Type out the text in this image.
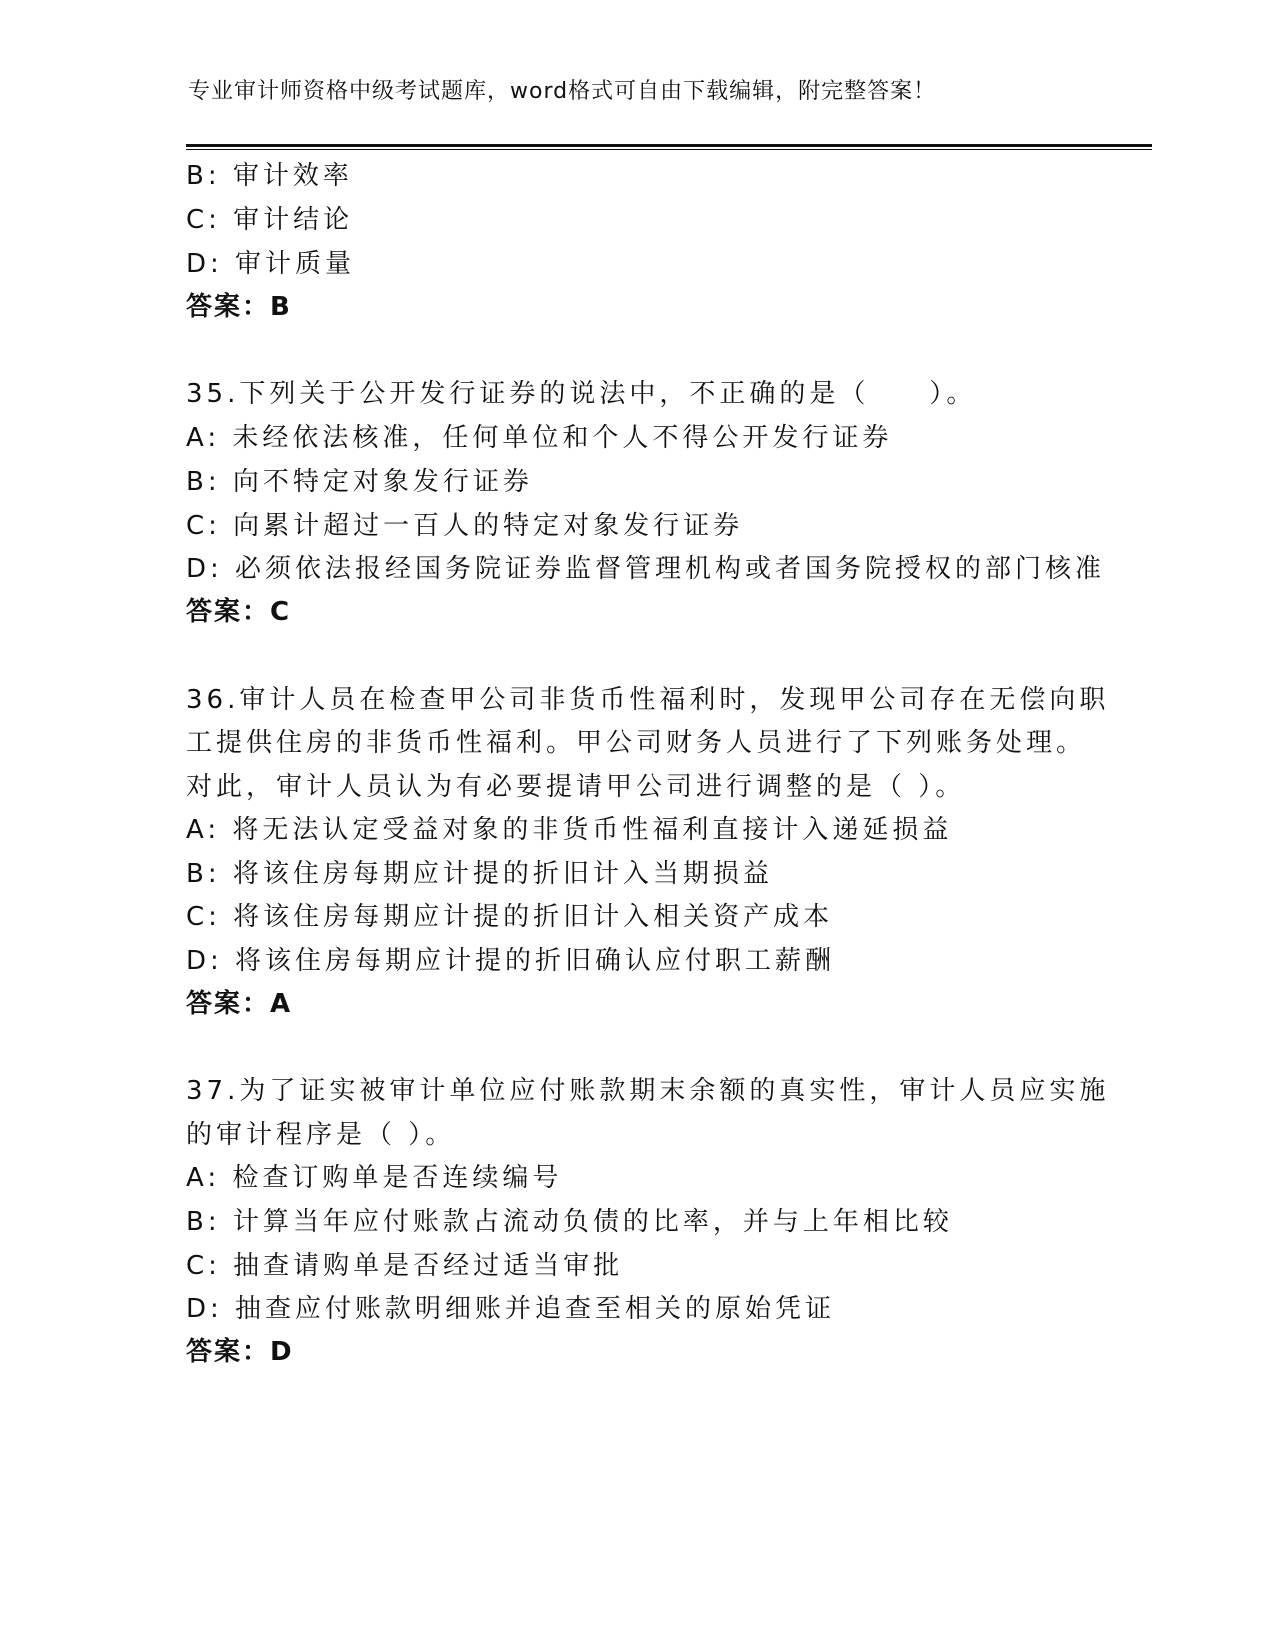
专业审计师资格中级考试题库，word格式可自由下载编辑，附完整答案！
B: 审计效率
C: 审计结论
D: 审计质量
答案：B
35.下列关于公开发行证券的说法中，不正确的是（　　）。
A: 未经依法核准，任何单位和个人不得公开发行证券
B: 向不特定对象发行证券
C: 向累计超过一百人的特定对象发行证券
D: 必须依法报经国务院证券监督管理机构或者国务院授权的部门核准
答案：C
36.审计人员在检查甲公司非货币性福利时，发现甲公司存在无偿向职
工提供住房的非货币性福利。甲公司财务人员进行了下列账务处理。
对此，审计人员认为有必要提请甲公司进行调整的是（ ）。
A: 将无法认定受益对象的非货币性福利直接计入递延损益
B: 将该住房每期应计提的折旧计入当期损益
C: 将该住房每期应计提的折旧计入相关资产成本
D: 将该住房每期应计提的折旧确认应付职工薪酬
答案：A
37.为了证实被审计单位应付账款期末余额的真实性，审计人员应实施
的审计程序是（ ）。
A: 检查订购单是否连续编号
B: 计算当年应付账款占流动负债的比率，并与上年相比较
C: 抽查请购单是否经过适当审批
D: 抽查应付账款明细账并追查至相关的原始凭证
答案：D
